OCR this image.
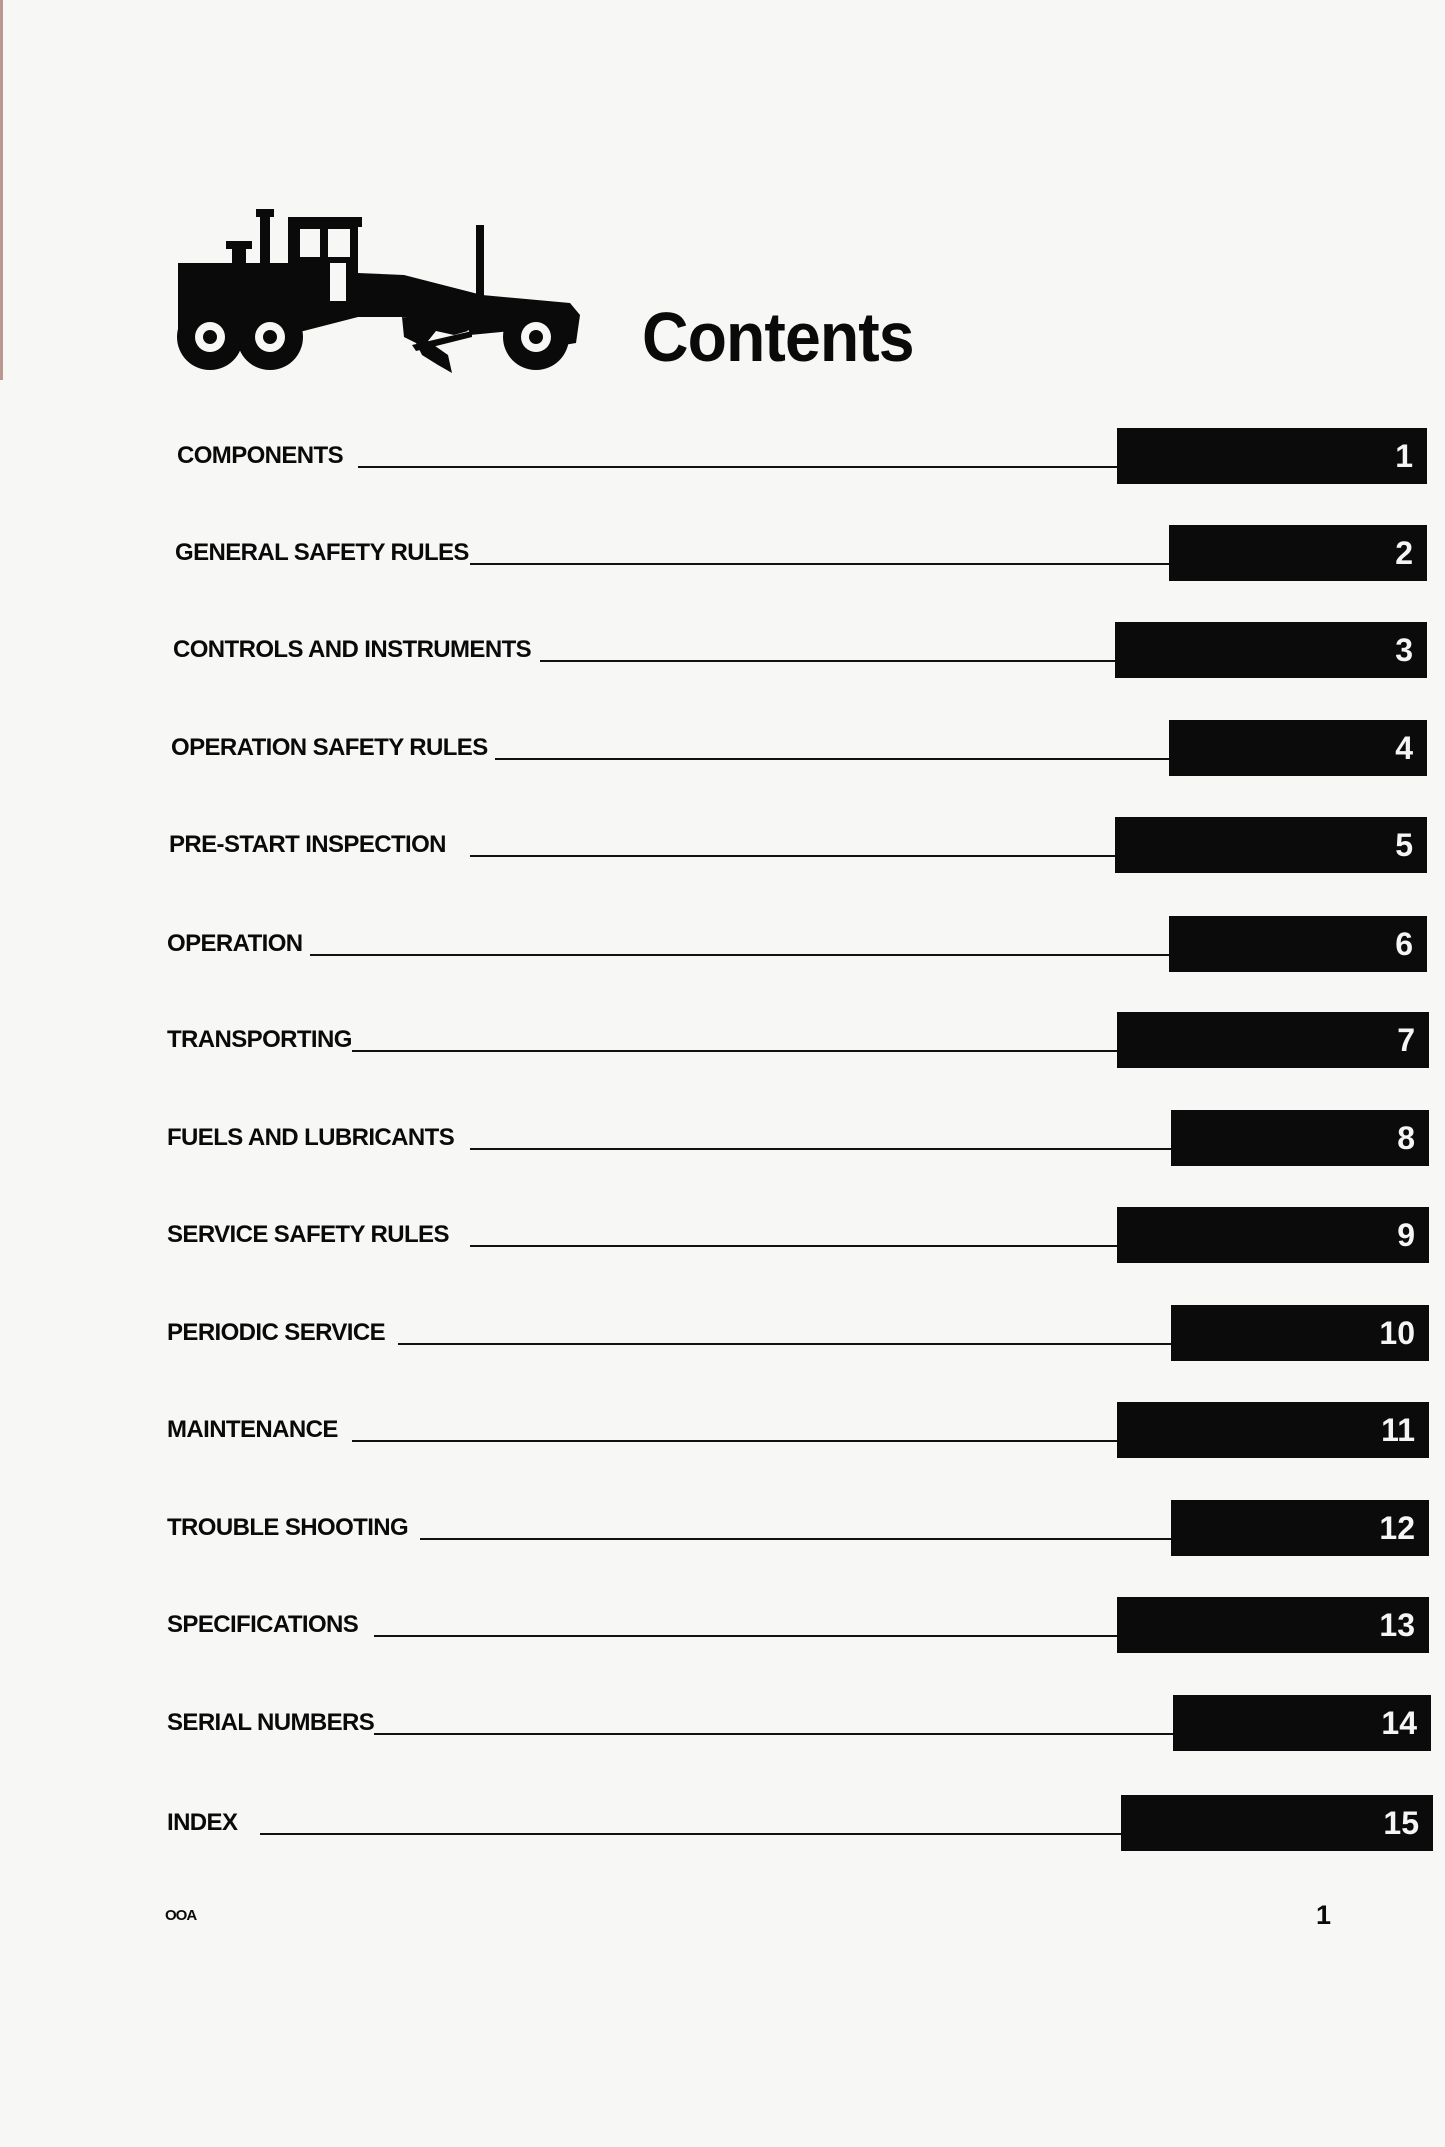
Contents
COMPONENTS	1
GENERAL SAFETY RULES	2
CONTROLS AND INSTRUMENTS	3
OPERATION SAFETY RULES	4
PRE-START INSPECTION	5
OPERATION	6
TRANSPORTING	7
FUELS AND LUBRICANTS	8
SERVICE SAFETY RULES	9
PERIODIC SERVICE	10
MAINTENANCE	11
TROUBLE SHOOTING	12
SPECIFICATIONS	13
SERIAL NUMBERS	14
INDEX	15
OOA	1
